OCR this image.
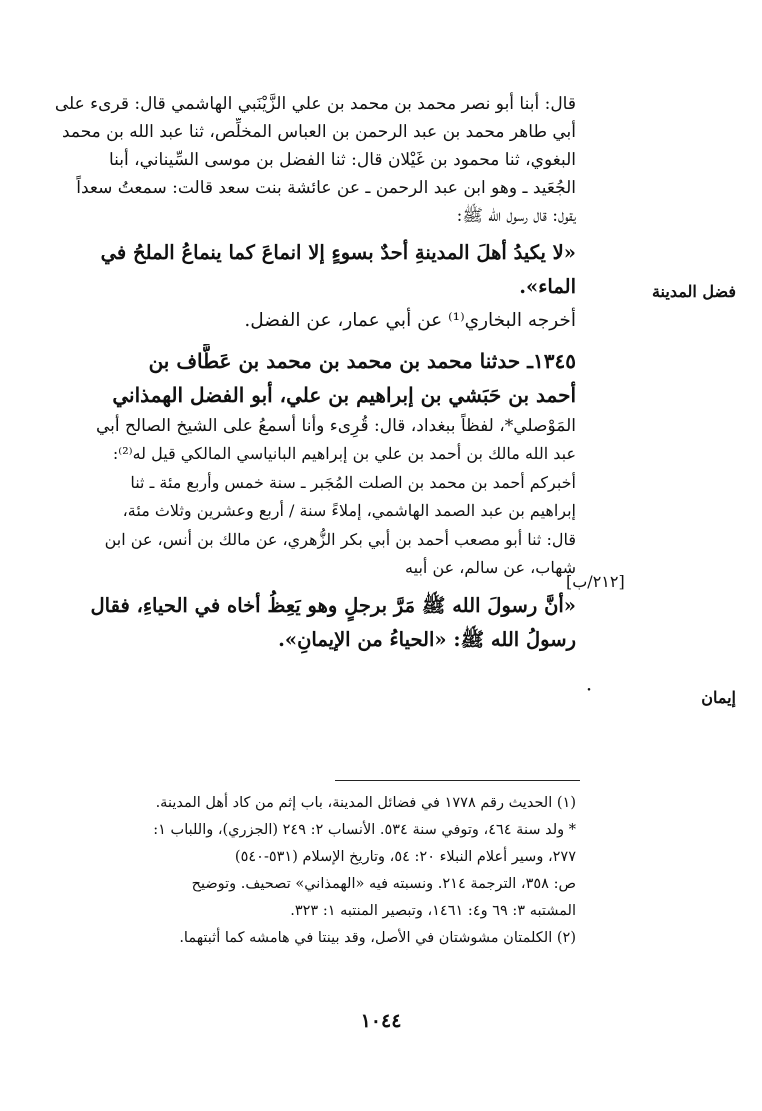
قال: أبنا أبو نصر محمد بن محمد بن علي الزَّيْنَبي الهاشمي قال: قرىء على
أبي طاهر محمد بن عبد الرحمن بن العباس المخلِّص، ثنا عبد الله بن محمد
البغوي، ثنا محمود بن غَيْلان قال: ثنا الفضل بن موسى السِّيناني، أبنا
الجُعَيد ـ وهو ابن عبد الرحمن ـ عن عائشة بنت سعد قالت: سمعتُ سعداً
يقول: قال رسول الله ﷺ:
«لا يكيدُ أهلَ المدينةِ أحدٌ بسوءٍ إلا انماعَ كما ينماعُ الملحُ في
الماء».
أخرجه البخاري⁽¹⁾ عن أبي عمار، عن الفضل.
١٣٤٥ـ حدثنا محمد بن محمد بن محمد بن عَطَّاف بن
أحمد بن حَبَشي بن إبراهيم بن علي، أبو الفضل الهمذاني
المَوْصلي*، لفظاً ببغداد، قال: قُرِىء وأنا أسمعُ على الشيخ الصالح أبي
عبد الله مالك بن أحمد بن علي بن إبراهيم البانياسي المالكي قيل له⁽²⁾:
أخبركم أحمد بن محمد بن الصلت المُجَبر ـ سنة خمس وأربع مئة ـ ثنا
إبراهيم بن عبد الصمد الهاشمي، إملاءً سنة / أربع وعشرين وثلاث مئة،
قال: ثنا أبو مصعب أحمد بن أبي بكر الزُّهري، عن مالك بن أنس، عن ابن
شهاب، عن سالم، عن أبيه
«أنَّ رسولَ الله ﷺ مَرَّ برجلٍ وهو يَعِظُ أخاه في الحياءِ، فقال
رسولُ الله ﷺ: «الحياءُ من الإيمانِ».
فضل المدينة
[٢١٢/ب]
إيمان
・
(١) الحديث رقم ١٧٧٨ في فضائل المدينة، باب إثم من كاد أهل المدينة.
* ولد سنة ٤٦٤، وتوفي سنة ٥٣٤. الأنساب ٢: ٢٤٩ (الجزري)، واللباب ١:
٢٧٧، وسير أعلام النبلاء ٢٠: ٥٤، وتاريخ الإسلام (٥٣١-٥٤٠)
ص: ٣٥٨، الترجمة ٢١٤. ونسبته فيه «الهمذاني» تصحيف. وتوضيح
المشتبه ٣: ٦٩ و٤: ١٤٦١، وتبصير المنتبه ١: ٣٢٣.
(٢) الكلمتان مشوشتان في الأصل، وقد بينتا في هامشه كما أثبتهما.
١٠٤٤
